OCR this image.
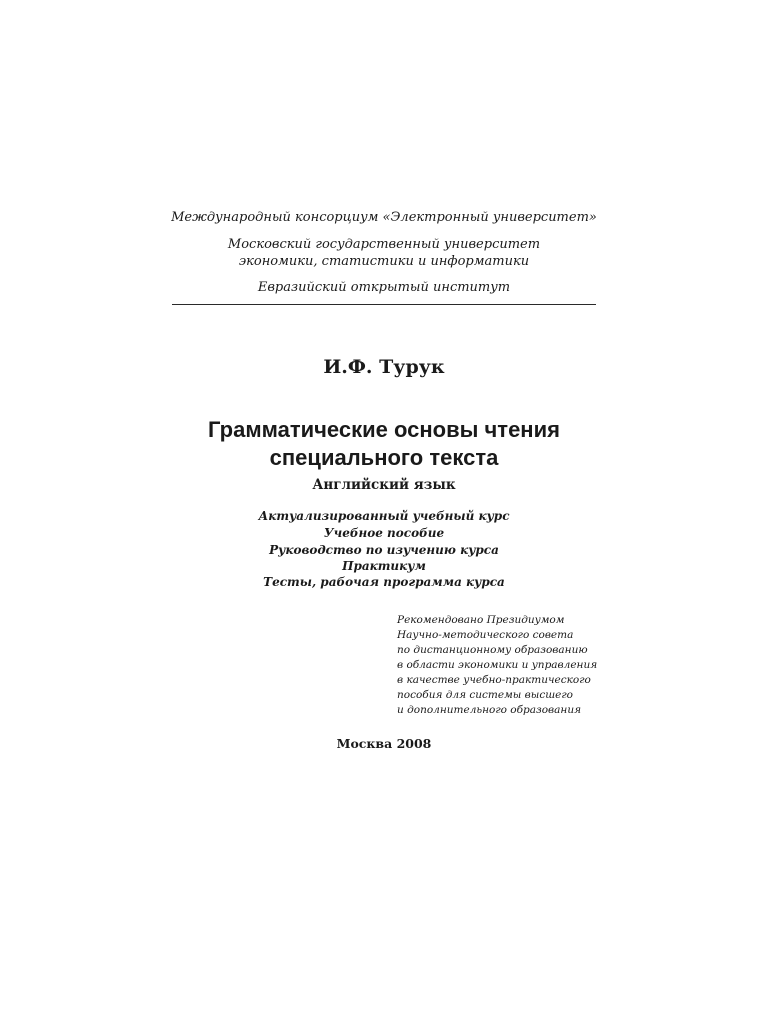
Международный консорциум «Электронный университет»
Московский государственный университет
экономики, статистики и информатики
Евразийский открытый институт
И.Ф. Турук
Грамматические основы чтения
специального текста
Английский язык
Актуализированный учебный курс
Учебное пособие
Руководство по изучению курса
Практикум
Тесты, рабочая программа курса
Рекомендовано Президиумом
Научно-методического совета
по дистанционному образованию
в области экономики и управления
в качестве учебно-практического
пособия для системы высшего
и дополнительного образования
Москва 2008
